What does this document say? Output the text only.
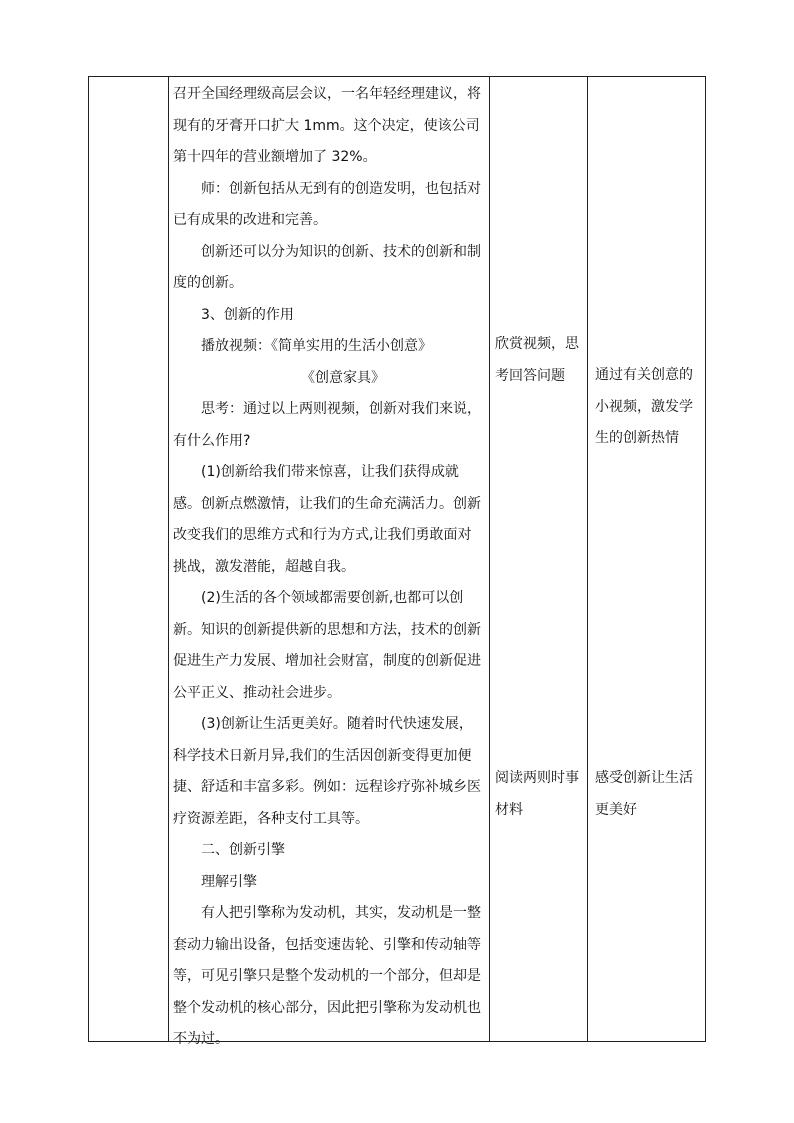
召开全国经理级高层会议，一名年轻经理建议，将现有的牙膏开口扩大 1mm。这个决定，使该公司第十四年的营业额增加了 32%。

师：创新包括从无到有的创造发明，也包括对已有成果的改进和完善。

创新还可以分为知识的创新、技术的创新和制度的创新。

3、创新的作用

播放视频：《简单实用的生活小创意》

《创意家具》

思考：通过以上两则视频，创新对我们来说，有什么作用?

(1)创新给我们带来惊喜，让我们获得成就感。创新点燃激情，让我们的生命充满活力。创新改变我们的思维方式和行为方式,让我们勇敢面对挑战，激发潜能，超越自我。

(2)生活的各个领域都需要创新,也都可以创新。知识的创新提供新的思想和方法，技术的创新促进生产力发展、增加社会财富，制度的创新促进公平正义、推动社会进步。

(3)创新让生活更美好。随着时代快速发展，科学技术日新月异,我们的生活因创新变得更加便捷、舒适和丰富多彩。例如：远程诊疗弥补城乡医疗资源差距，各种支付工具等。

二、创新引擎

理解引擎

有人把引擎称为发动机，其实，发动机是一整套动力输出设备，包括变速齿轮、引擎和传动轴等等，可见引擎只是整个发动机的一个部分，但却是整个发动机的核心部分，因此把引擎称为发动机也不为过。

欣赏视频，思考回答问题

阅读两则时事材料

通过有关创意的小视频，激发学生的创新热情

感受创新让生活更美好
